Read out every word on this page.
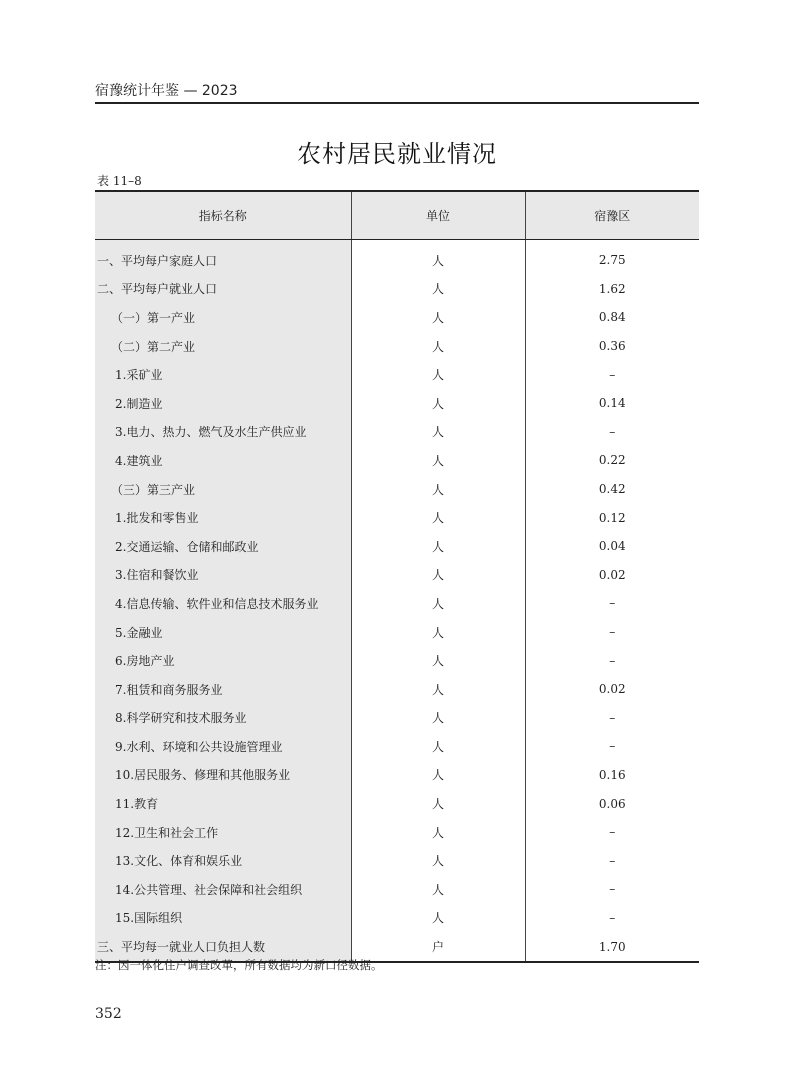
宿豫统计年鉴 — 2023
农村居民就业情况
表 11–8
指标名称	单位	宿豫区
一、平均每户家庭人口	人	2.75
二、平均每户就业人口	人	1.62
（一）第一产业	人	0.84
（二）第二产业	人	0.36
1.采矿业	人	–
2.制造业	人	0.14
3.电力、热力、燃气及水生产供应业	人	–
4.建筑业	人	0.22
（三）第三产业	人	0.42
1.批发和零售业	人	0.12
2.交通运输、仓储和邮政业	人	0.04
3.住宿和餐饮业	人	0.02
4.信息传输、软件业和信息技术服务业	人	–
5.金融业	人	–
6.房地产业	人	–
7.租赁和商务服务业	人	0.02
8.科学研究和技术服务业	人	–
9.水利、环境和公共设施管理业	人	–
10.居民服务、修理和其他服务业	人	0.16
11.教育	人	0.06
12.卫生和社会工作	人	–
13.文化、体育和娱乐业	人	–
14.公共管理、社会保障和社会组织	人	–
15.国际组织	人	–
三、平均每一就业人口负担人数	户	1.70
注：因一体化住户调查改革，所有数据均为新口径数据。
352
